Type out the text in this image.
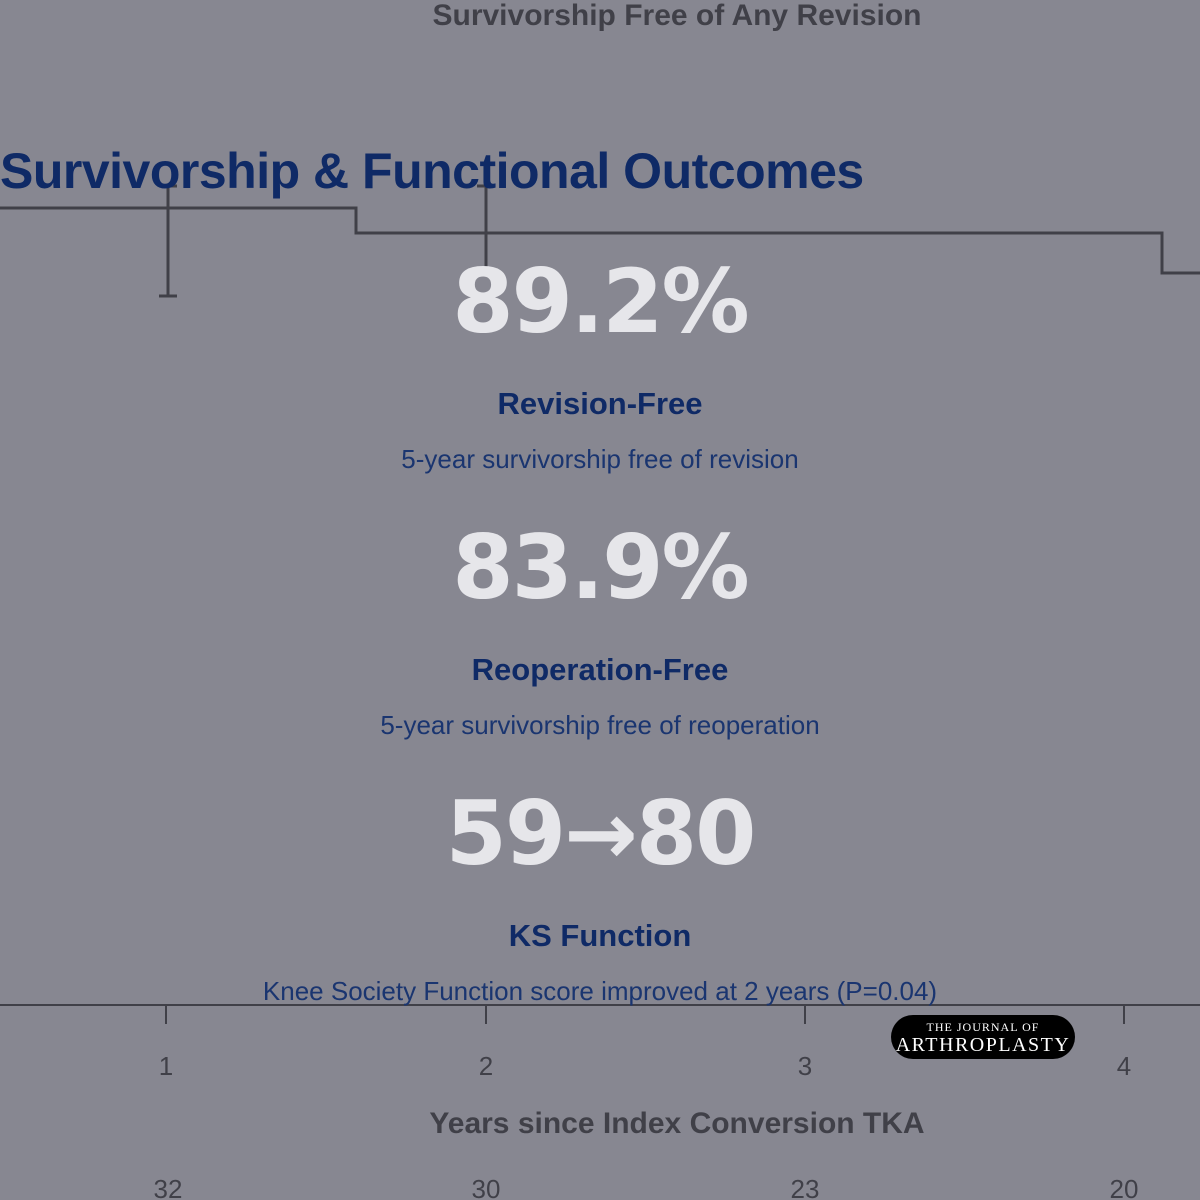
Survivorship Free of Any Revision
1	2	3	4
Years since Index Conversion TKA
32	30	23	20
Survivorship & Functional Outcomes
89.2%
Revision-Free
5-year survivorship free of revision
83.9%
Reoperation-Free
5-year survivorship free of reoperation
59→80
KS Function
Knee Society Function score improved at 2 years (P=0.04)
THE JOURNAL OF
ARTHROPLASTY
